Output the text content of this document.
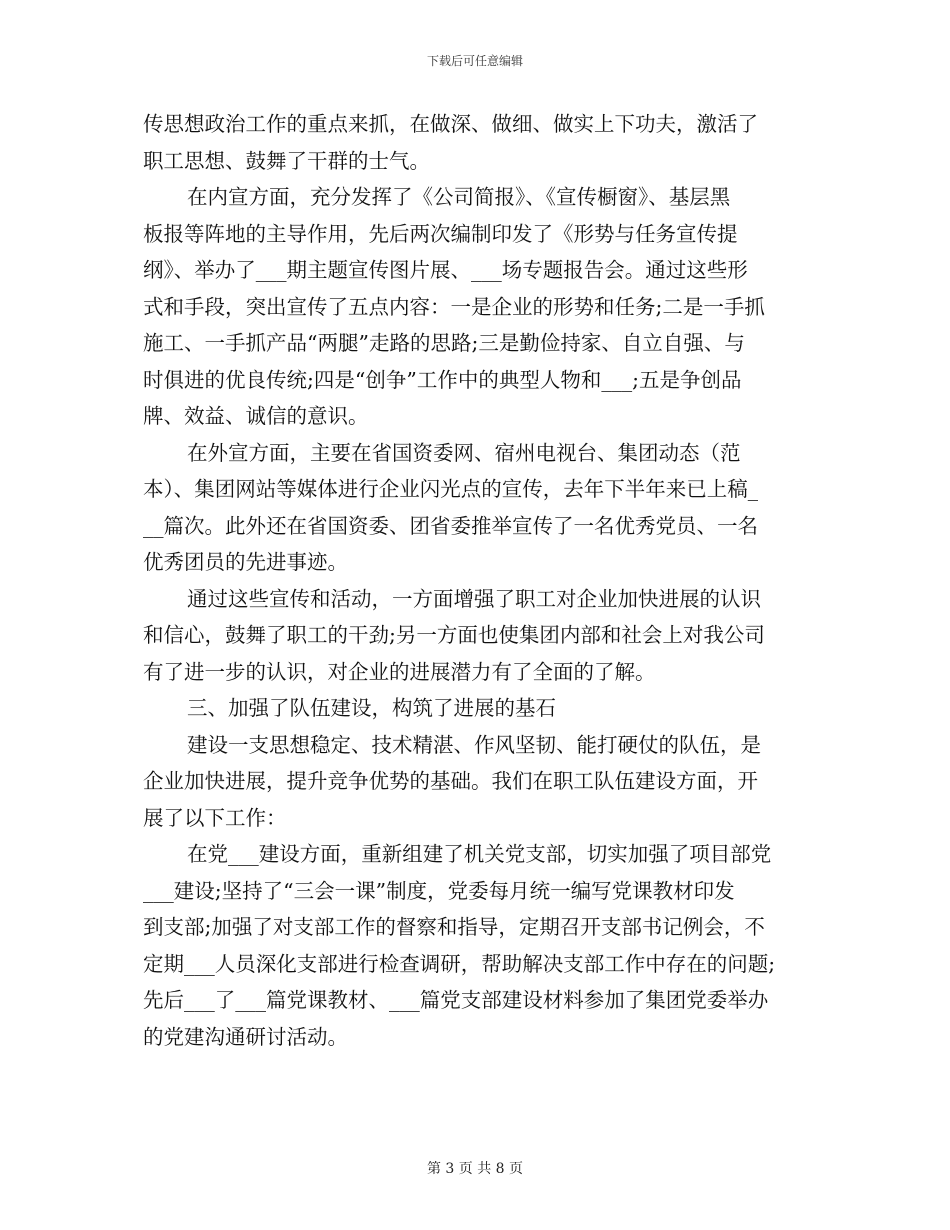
下载后可任意编辑
传思想政治工作的重点来抓，在做深、做细、做实上下功夫，激活了
职工思想、鼓舞了干群的士气。
在内宣方面，充分发挥了《公司简报》、《宣传橱窗》、基层黑
板报等阵地的主导作用，先后两次编制印发了《形势与任务宣传提
纲》、举办了___期主题宣传图片展、___场专题报告会。通过这些形
式和手段，突出宣传了五点内容：一是企业的形势和任务;二是一手抓
施工、一手抓产品“两腿”走路的思路;三是勤俭持家、自立自强、与
时俱进的优良传统;四是“创争”工作中的典型人物和___;五是争创品
牌、效益、诚信的意识。
在外宣方面，主要在省国资委网、宿州电视台、集团动态（范
本）、集团网站等媒体进行企业闪光点的宣传，去年下半年来已上稿_
__篇次。此外还在省国资委、团省委推举宣传了一名优秀党员、一名
优秀团员的先进事迹。
通过这些宣传和活动，一方面增强了职工对企业加快进展的认识
和信心，鼓舞了职工的干劲;另一方面也使集团内部和社会上对我公司
有了进一步的认识，对企业的进展潜力有了全面的了解。
三、加强了队伍建设，构筑了进展的基石
建设一支思想稳定、技术精湛、作风坚韧、能打硬仗的队伍，是
企业加快进展，提升竞争优势的基础。我们在职工队伍建设方面，开
展了以下工作：
在党___建设方面，重新组建了机关党支部，切实加强了项目部党
___建设;坚持了“三会一课”制度，党委每月统一编写党课教材印发
到支部;加强了对支部工作的督察和指导，定期召开支部书记例会，不
定期___人员深化支部进行检查调研，帮助解决支部工作中存在的问题;
先后___了___篇党课教材、___篇党支部建设材料参加了集团党委举办
的党建沟通研讨活动。
第 3 页 共 8 页
